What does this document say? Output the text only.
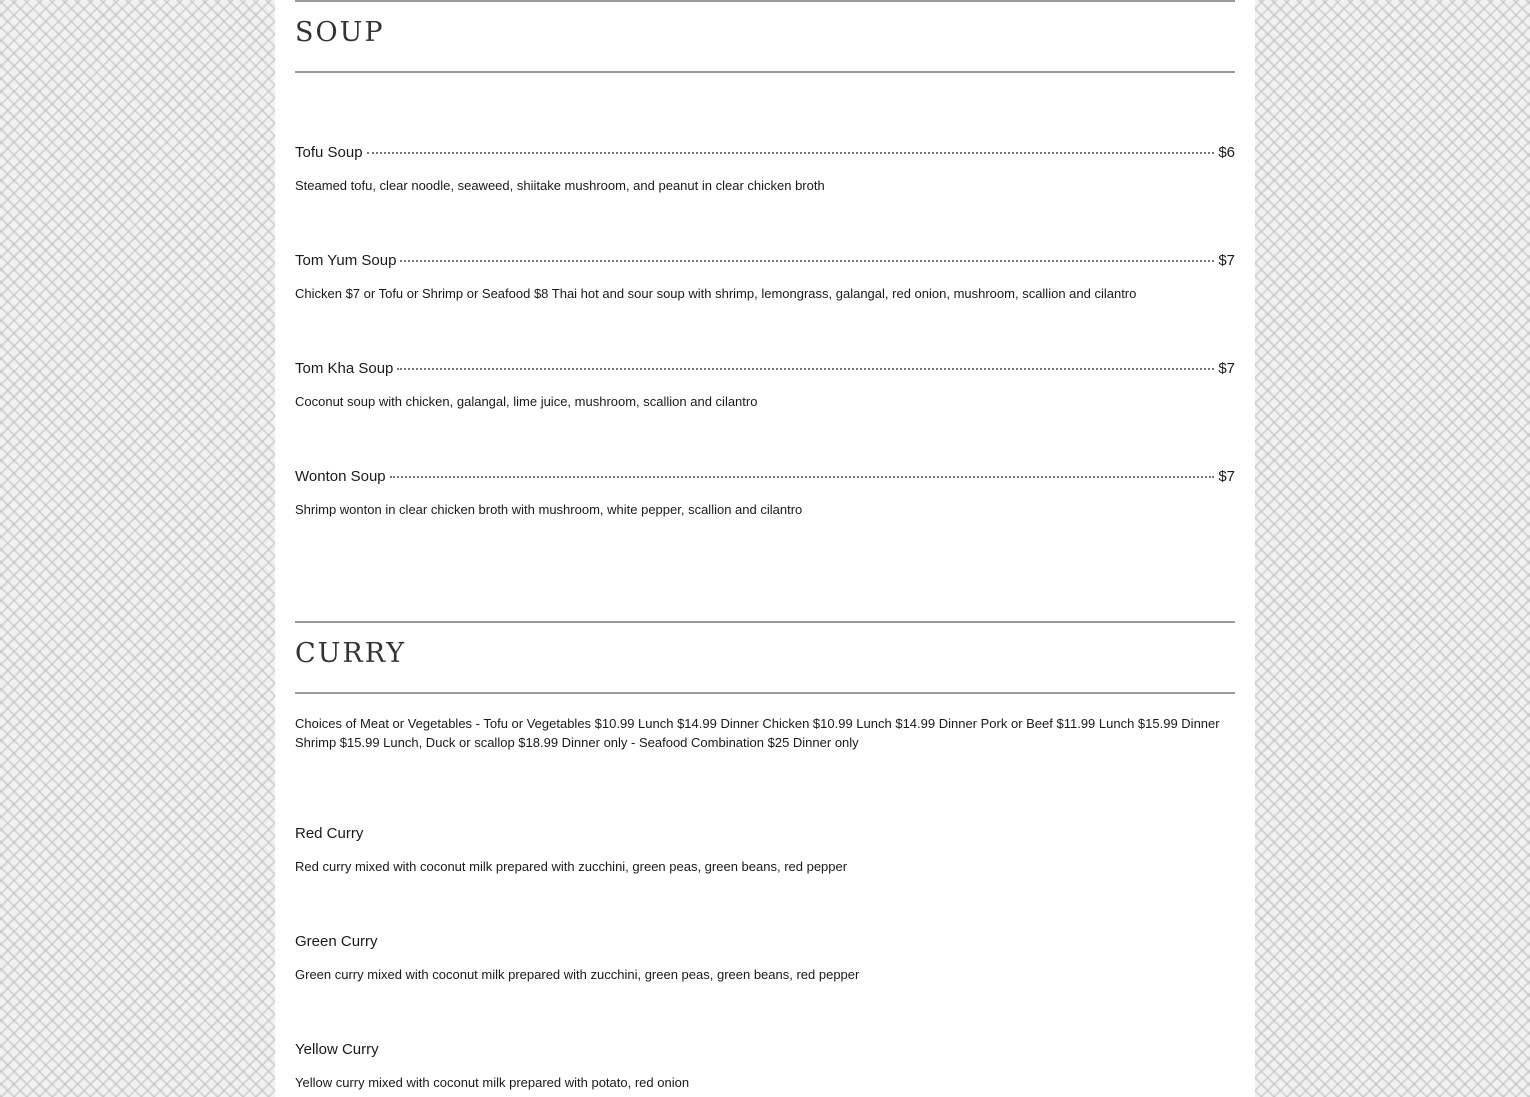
SOUP
Tofu Soup	$6
Steamed tofu, clear noodle, seaweed, shiitake mushroom, and peanut in clear chicken broth
Tom Yum Soup	$7
Chicken $7 or Tofu or Shrimp or Seafood $8 Thai hot and sour soup with shrimp, lemongrass, galangal, red onion, mushroom, scallion and cilantro
Tom Kha Soup	$7
Coconut soup with chicken, galangal, lime juice, mushroom, scallion and cilantro
Wonton Soup	$7
Shrimp wonton in clear chicken broth with mushroom, white pepper, scallion and cilantro
CURRY
Choices of Meat or Vegetables - Tofu or Vegetables $10.99 Lunch $14.99 Dinner Chicken $10.99 Lunch $14.99 Dinner Pork or Beef $11.99 Lunch $15.99 Dinner Shrimp $15.99 Lunch, Duck or scallop $18.99 Dinner only - Seafood Combination $25 Dinner only
Red Curry
Red curry mixed with coconut milk prepared with zucchini, green peas, green beans, red pepper
Green Curry
Green curry mixed with coconut milk prepared with zucchini, green peas, green beans, red pepper
Yellow Curry
Yellow curry mixed with coconut milk prepared with potato, red onion
